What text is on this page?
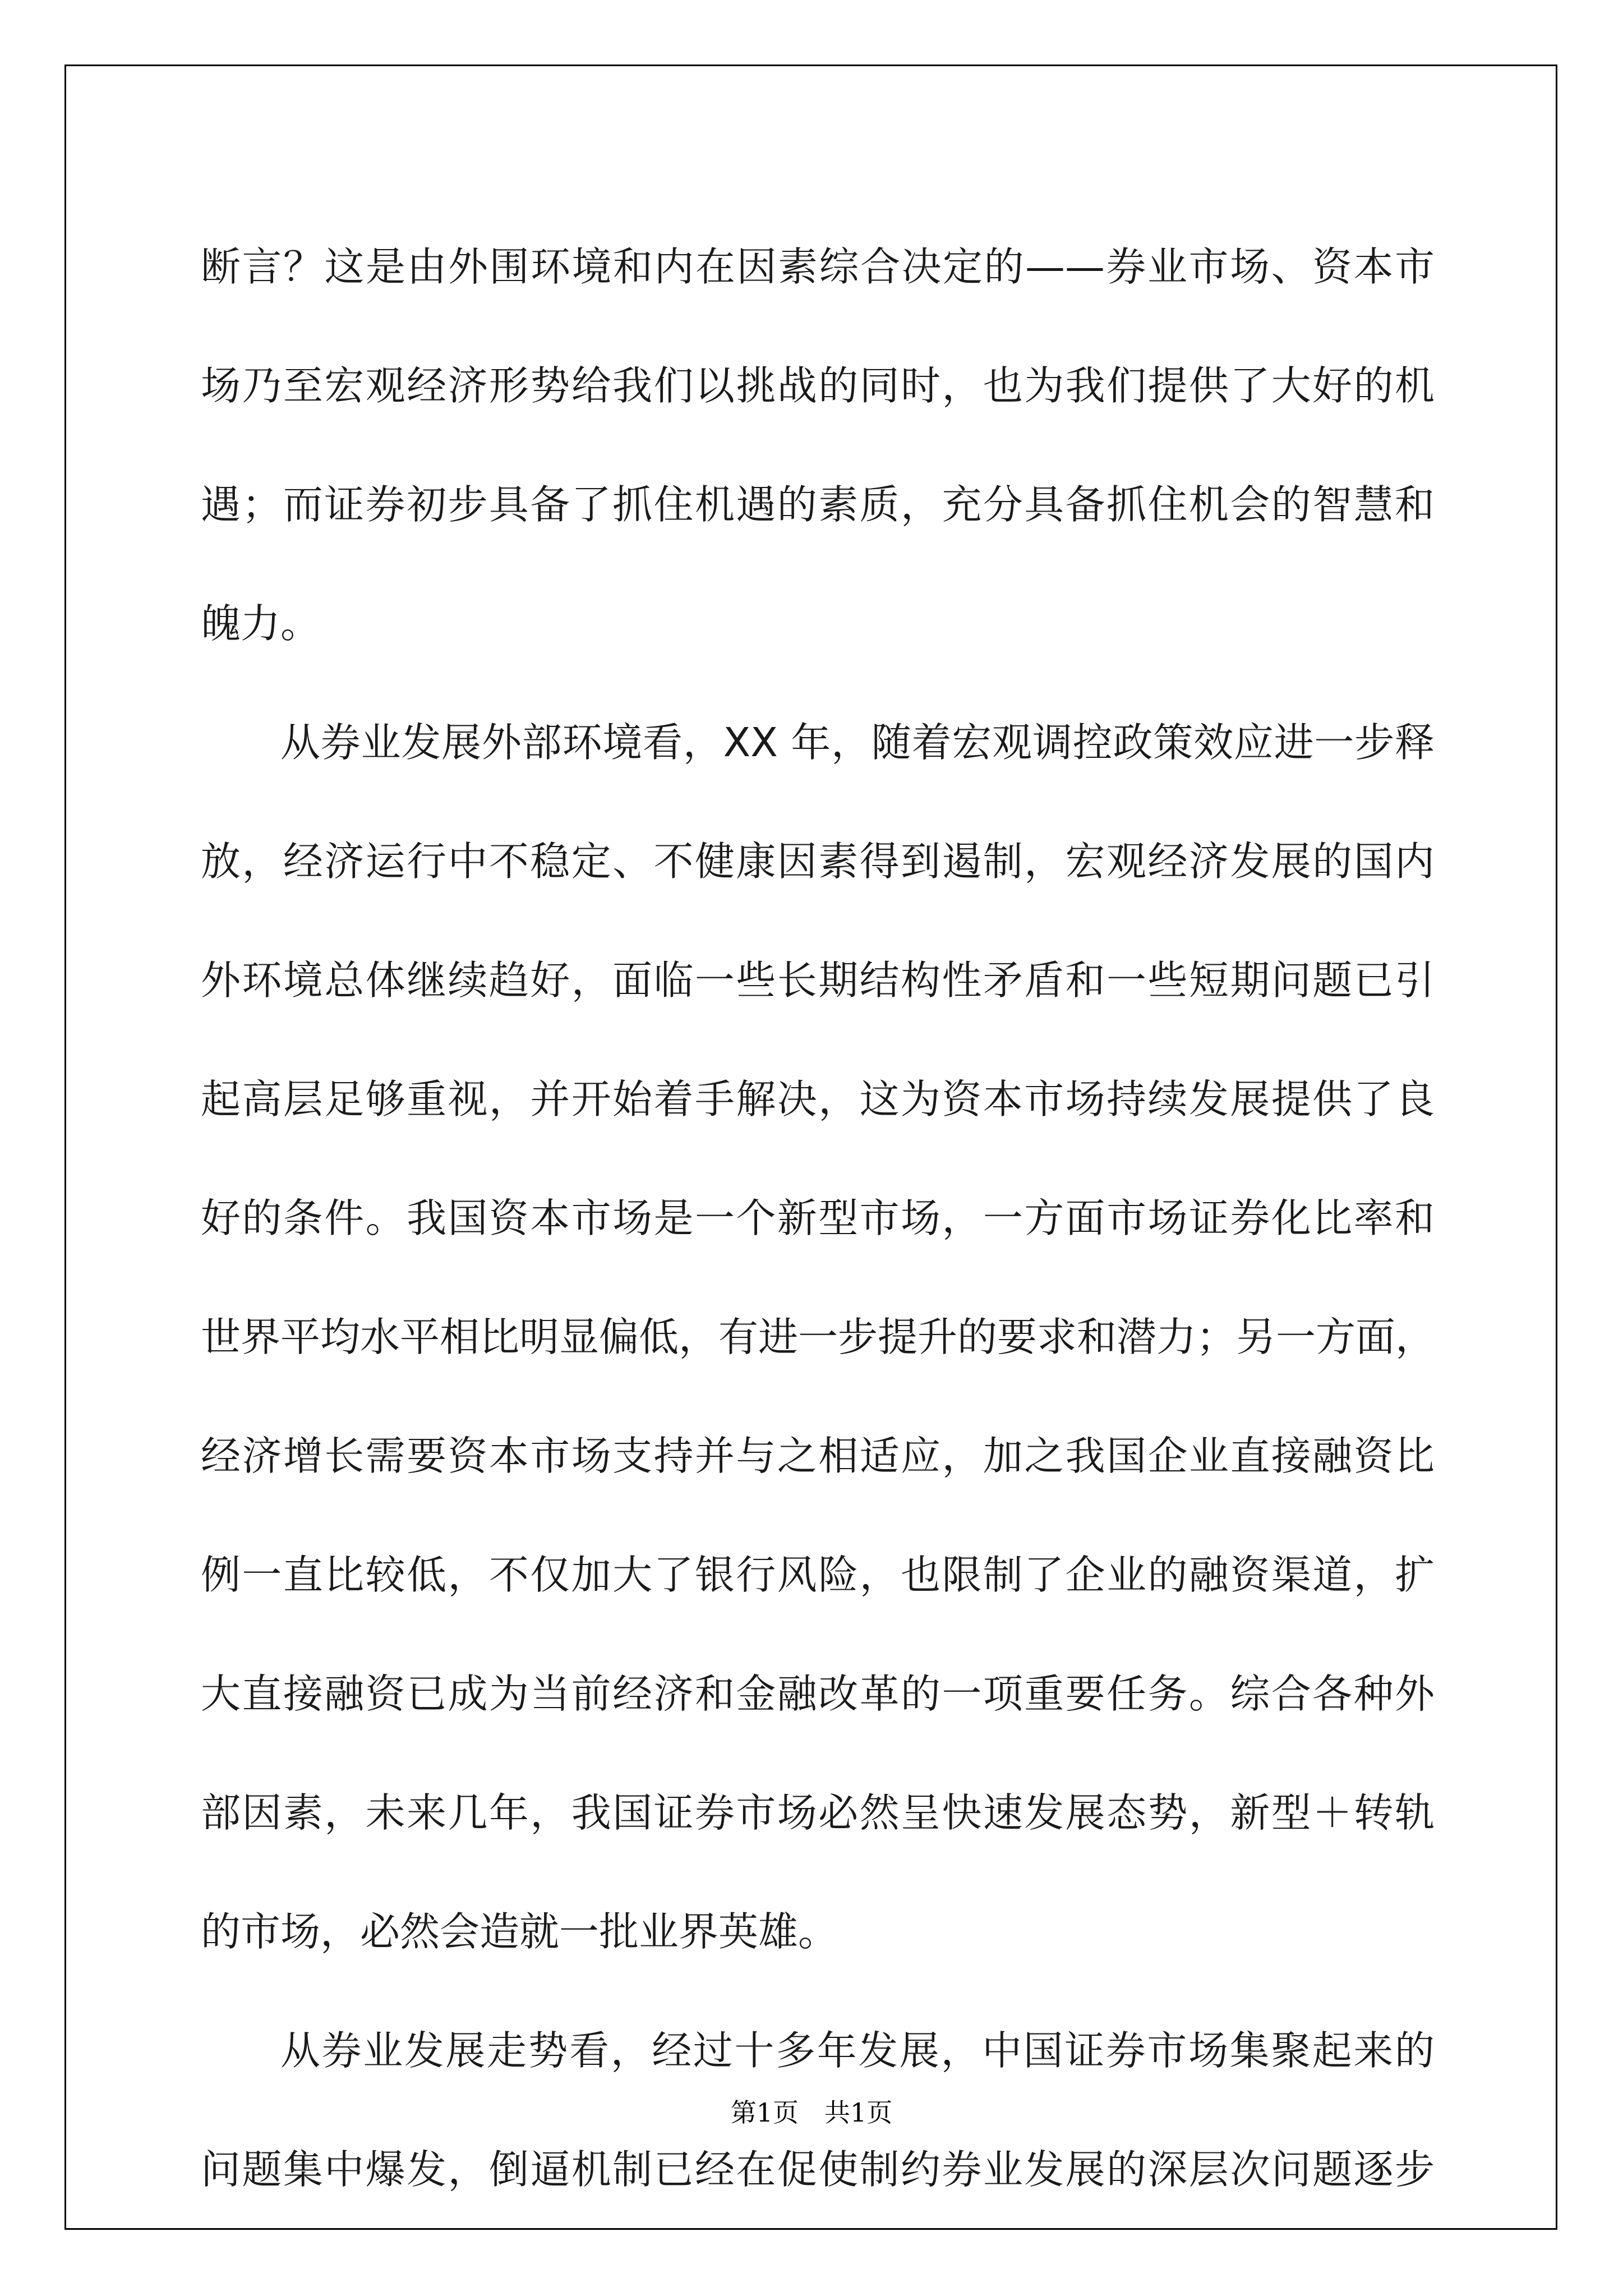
断言？这是由外围环境和内在因素综合决定的——券业市场、资本市
场乃至宏观经济形势给我们以挑战的同时，也为我们提供了大好的机
遇；而证券初步具备了抓住机遇的素质，充分具备抓住机会的智慧和
魄力。
从券业发展外部环境看，XX 年，随着宏观调控政策效应进一步释
放，经济运行中不稳定、不健康因素得到遏制，宏观经济发展的国内
外环境总体继续趋好，面临一些长期结构性矛盾和一些短期问题已引
起高层足够重视，并开始着手解决，这为资本市场持续发展提供了良
好的条件。我国资本市场是一个新型市场，一方面市场证券化比率和
世界平均水平相比明显偏低，有进一步提升的要求和潜力；另一方面，
经济增长需要资本市场支持并与之相适应，加之我国企业直接融资比
例一直比较低，不仅加大了银行风险，也限制了企业的融资渠道，扩
大直接融资已成为当前经济和金融改革的一项重要任务。综合各种外
部因素，未来几年，我国证券市场必然呈快速发展态势，新型＋转轨
的市场，必然会造就一批业界英雄。
从券业发展走势看，经过十多年发展，中国证券市场集聚起来的
问题集中爆发，倒逼机制已经在促使制约券业发展的深层次问题逐步
第1页　共1页
